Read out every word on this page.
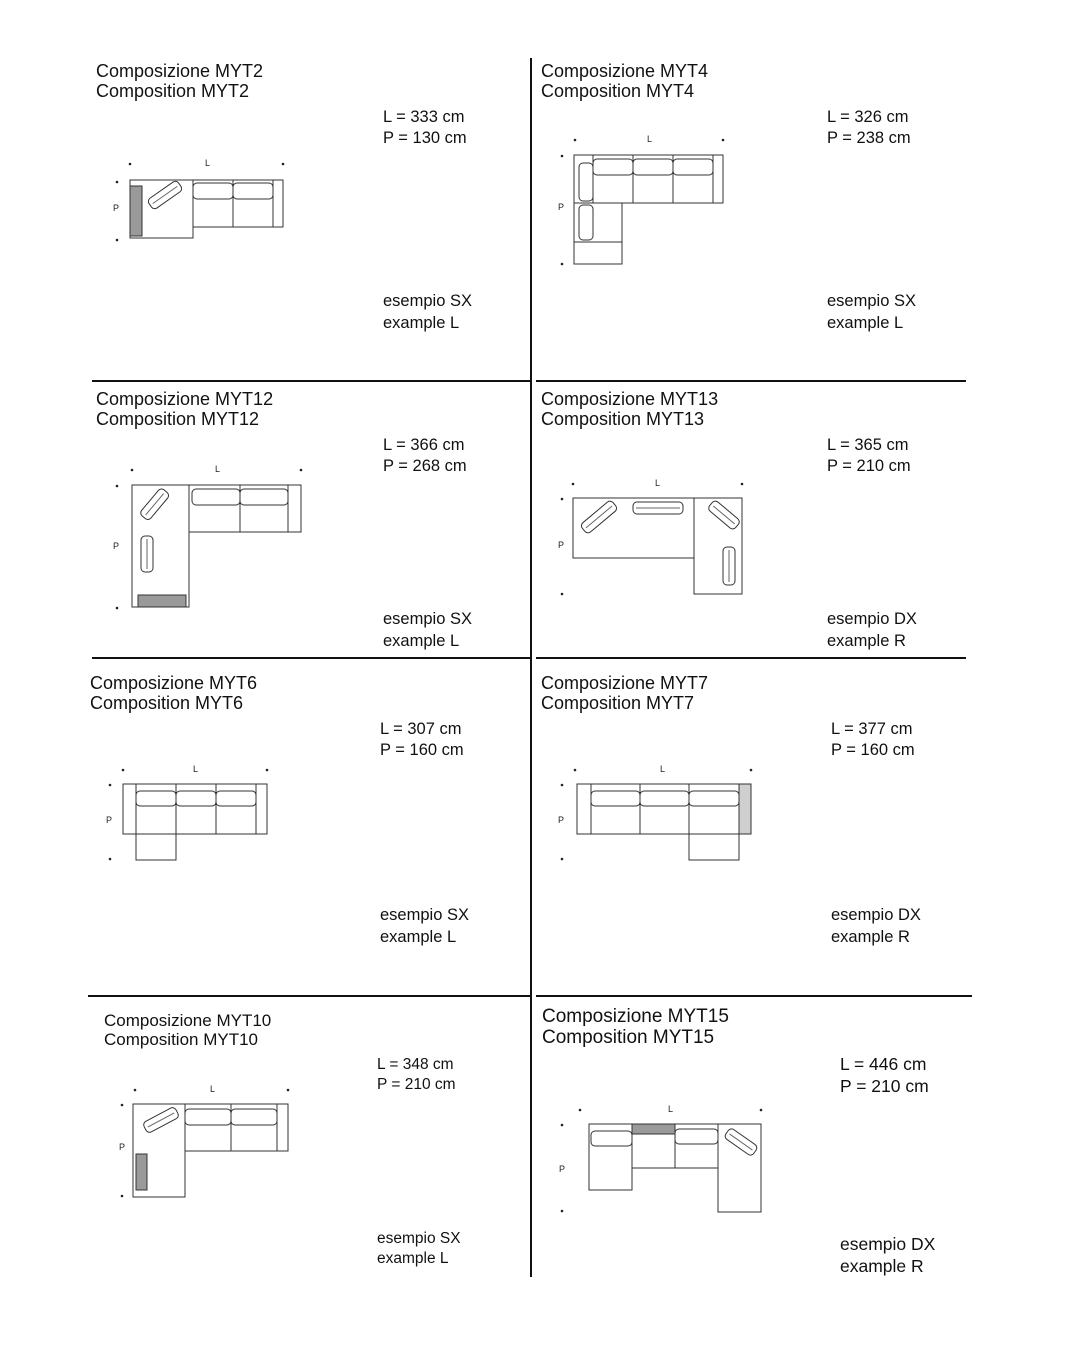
Composizione MYT2
Composition MYT2
L = 333 cm
P = 130 cm
L
P
esempio SX
example L
Composizione MYT4
Composition MYT4
L = 326 cm
P = 238 cm
L
P
esempio SX
example L
Composizione MYT12
Composition MYT12
L = 366 cm
P = 268 cm
L
P
esempio SX
example L
Composizione MYT13
Composition MYT13
L = 365 cm
P = 210 cm
L
P
esempio DX
example R
Composizione MYT6
Composition MYT6
L = 307 cm
P = 160 cm
L
P
esempio SX
example L
Composizione MYT7
Composition MYT7
L = 377 cm
P = 160 cm
L
P
esempio DX
example R
Composizione MYT10
Composition MYT10
L = 348 cm
P = 210 cm
L
P
esempio SX
example L
Composizione MYT15
Composition MYT15
L = 446 cm
P = 210 cm
L
P
esempio DX
example R
